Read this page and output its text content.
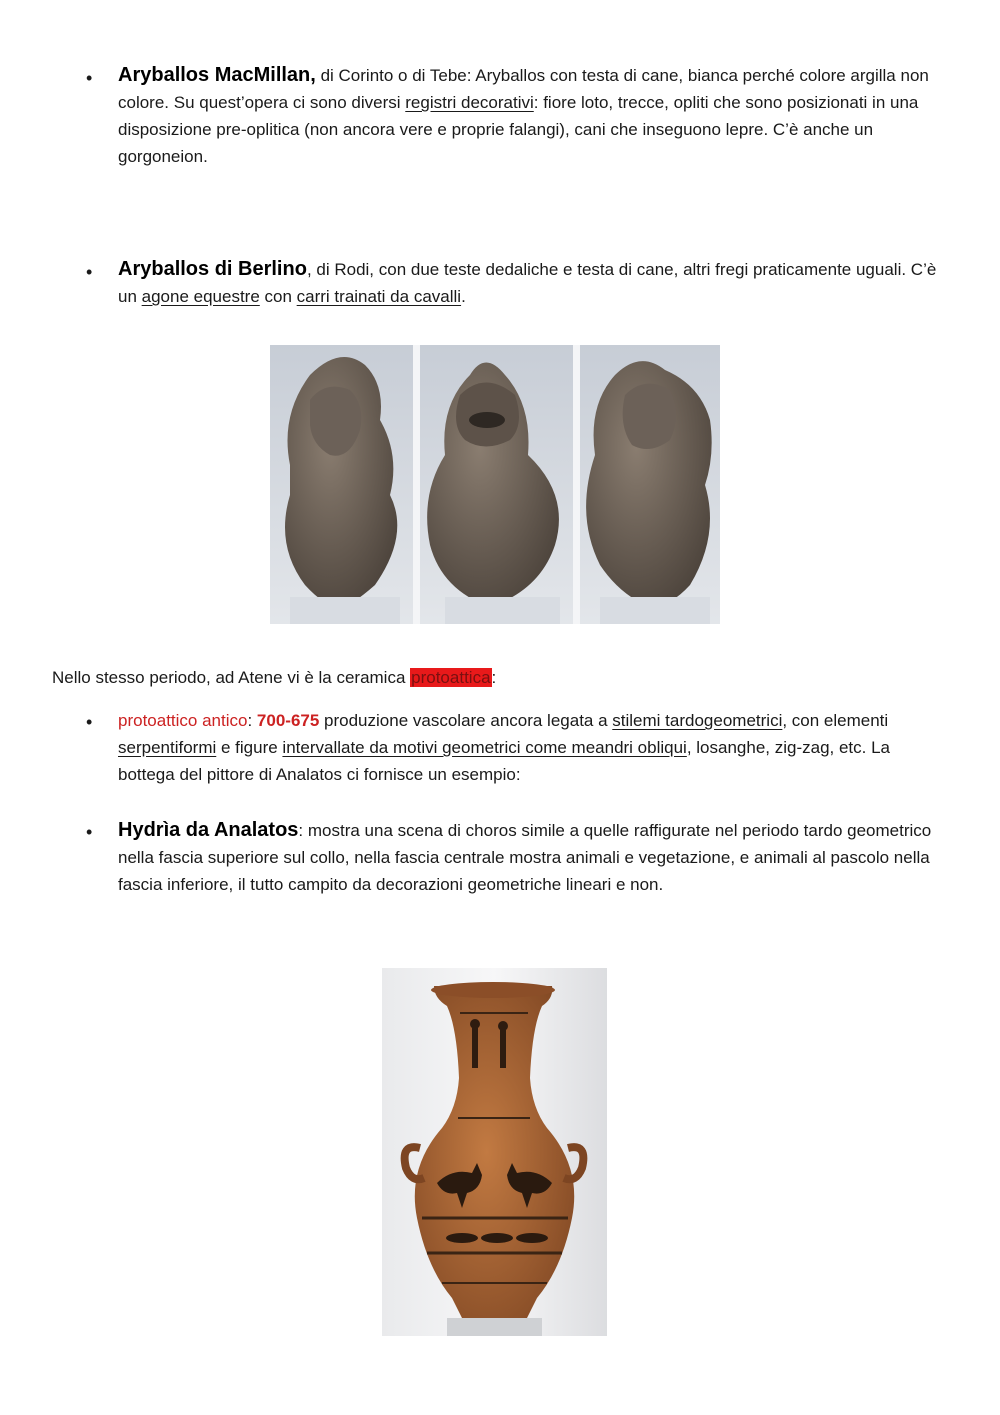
• Aryballos MacMillan, di Corinto o di Tebe: Aryballos con testa di cane, bianca perché colore argilla non colore. Su quest’opera ci sono diversi registri decorativi: fiore loto, trecce, opliti che sono posizionati in una disposizione pre-oplitica (non ancora vere e proprie falangi), cani che inseguono lepre. C’è anche un gorgoneion.
• Aryballos di Berlino, di Rodi, con due teste dedaliche e testa di cane, altri fregi praticamente uguali. C’è un agone equestre con carri trainati da cavalli.
Nello stesso periodo, ad Atene vi è la ceramica protoattica:
• protoattico antico: 700-675 produzione vascolare ancora legata a stilemi tardogeometrici, con elementi serpentiformi e figure intervallate da motivi geometrici come meandri obliqui, losanghe, zig-zag, etc. La bottega del pittore di Analatos ci fornisce un esempio:
• Hydrìa da Analatos: mostra una scena di choros simile a quelle raffigurate nel periodo tardo geometrico nella fascia superiore sul collo, nella fascia centrale mostra animali e vegetazione, e animali al pascolo nella fascia inferiore, il tutto campito da decorazioni geometriche lineari e non.
